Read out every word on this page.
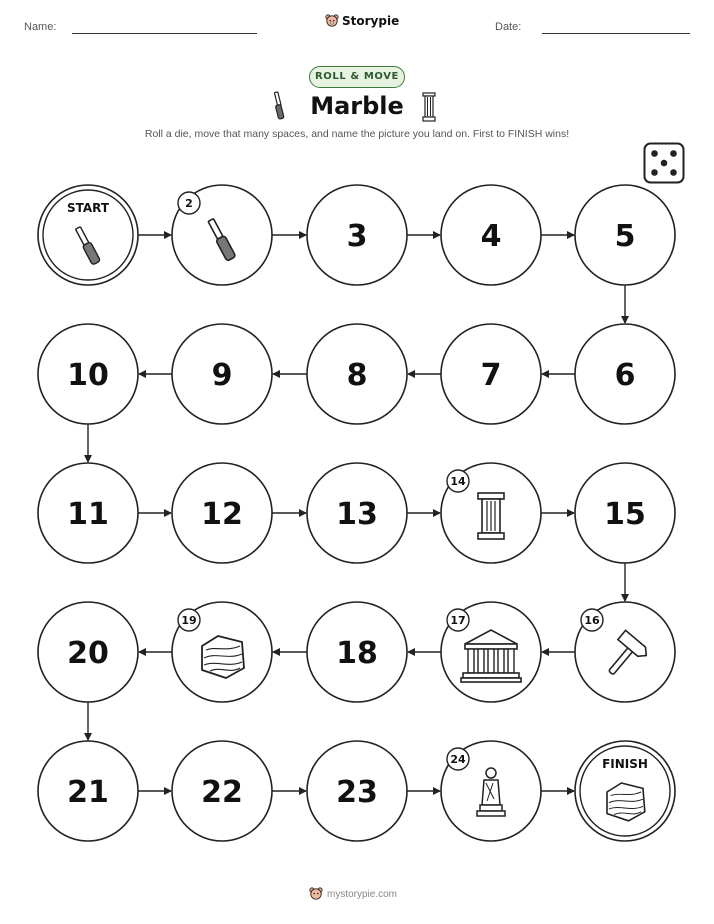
Name:	Storypie	Date:
ROLL & MOVE
Marble
Roll a die, move that many spaces, and name the picture you land on. First to FINISH wins!
START	2
3	4	5
6
7
8
9
10
11	12	13
14
15
16
17
18
19
20
21	22	23
24	FINISH
mystorypie.com
